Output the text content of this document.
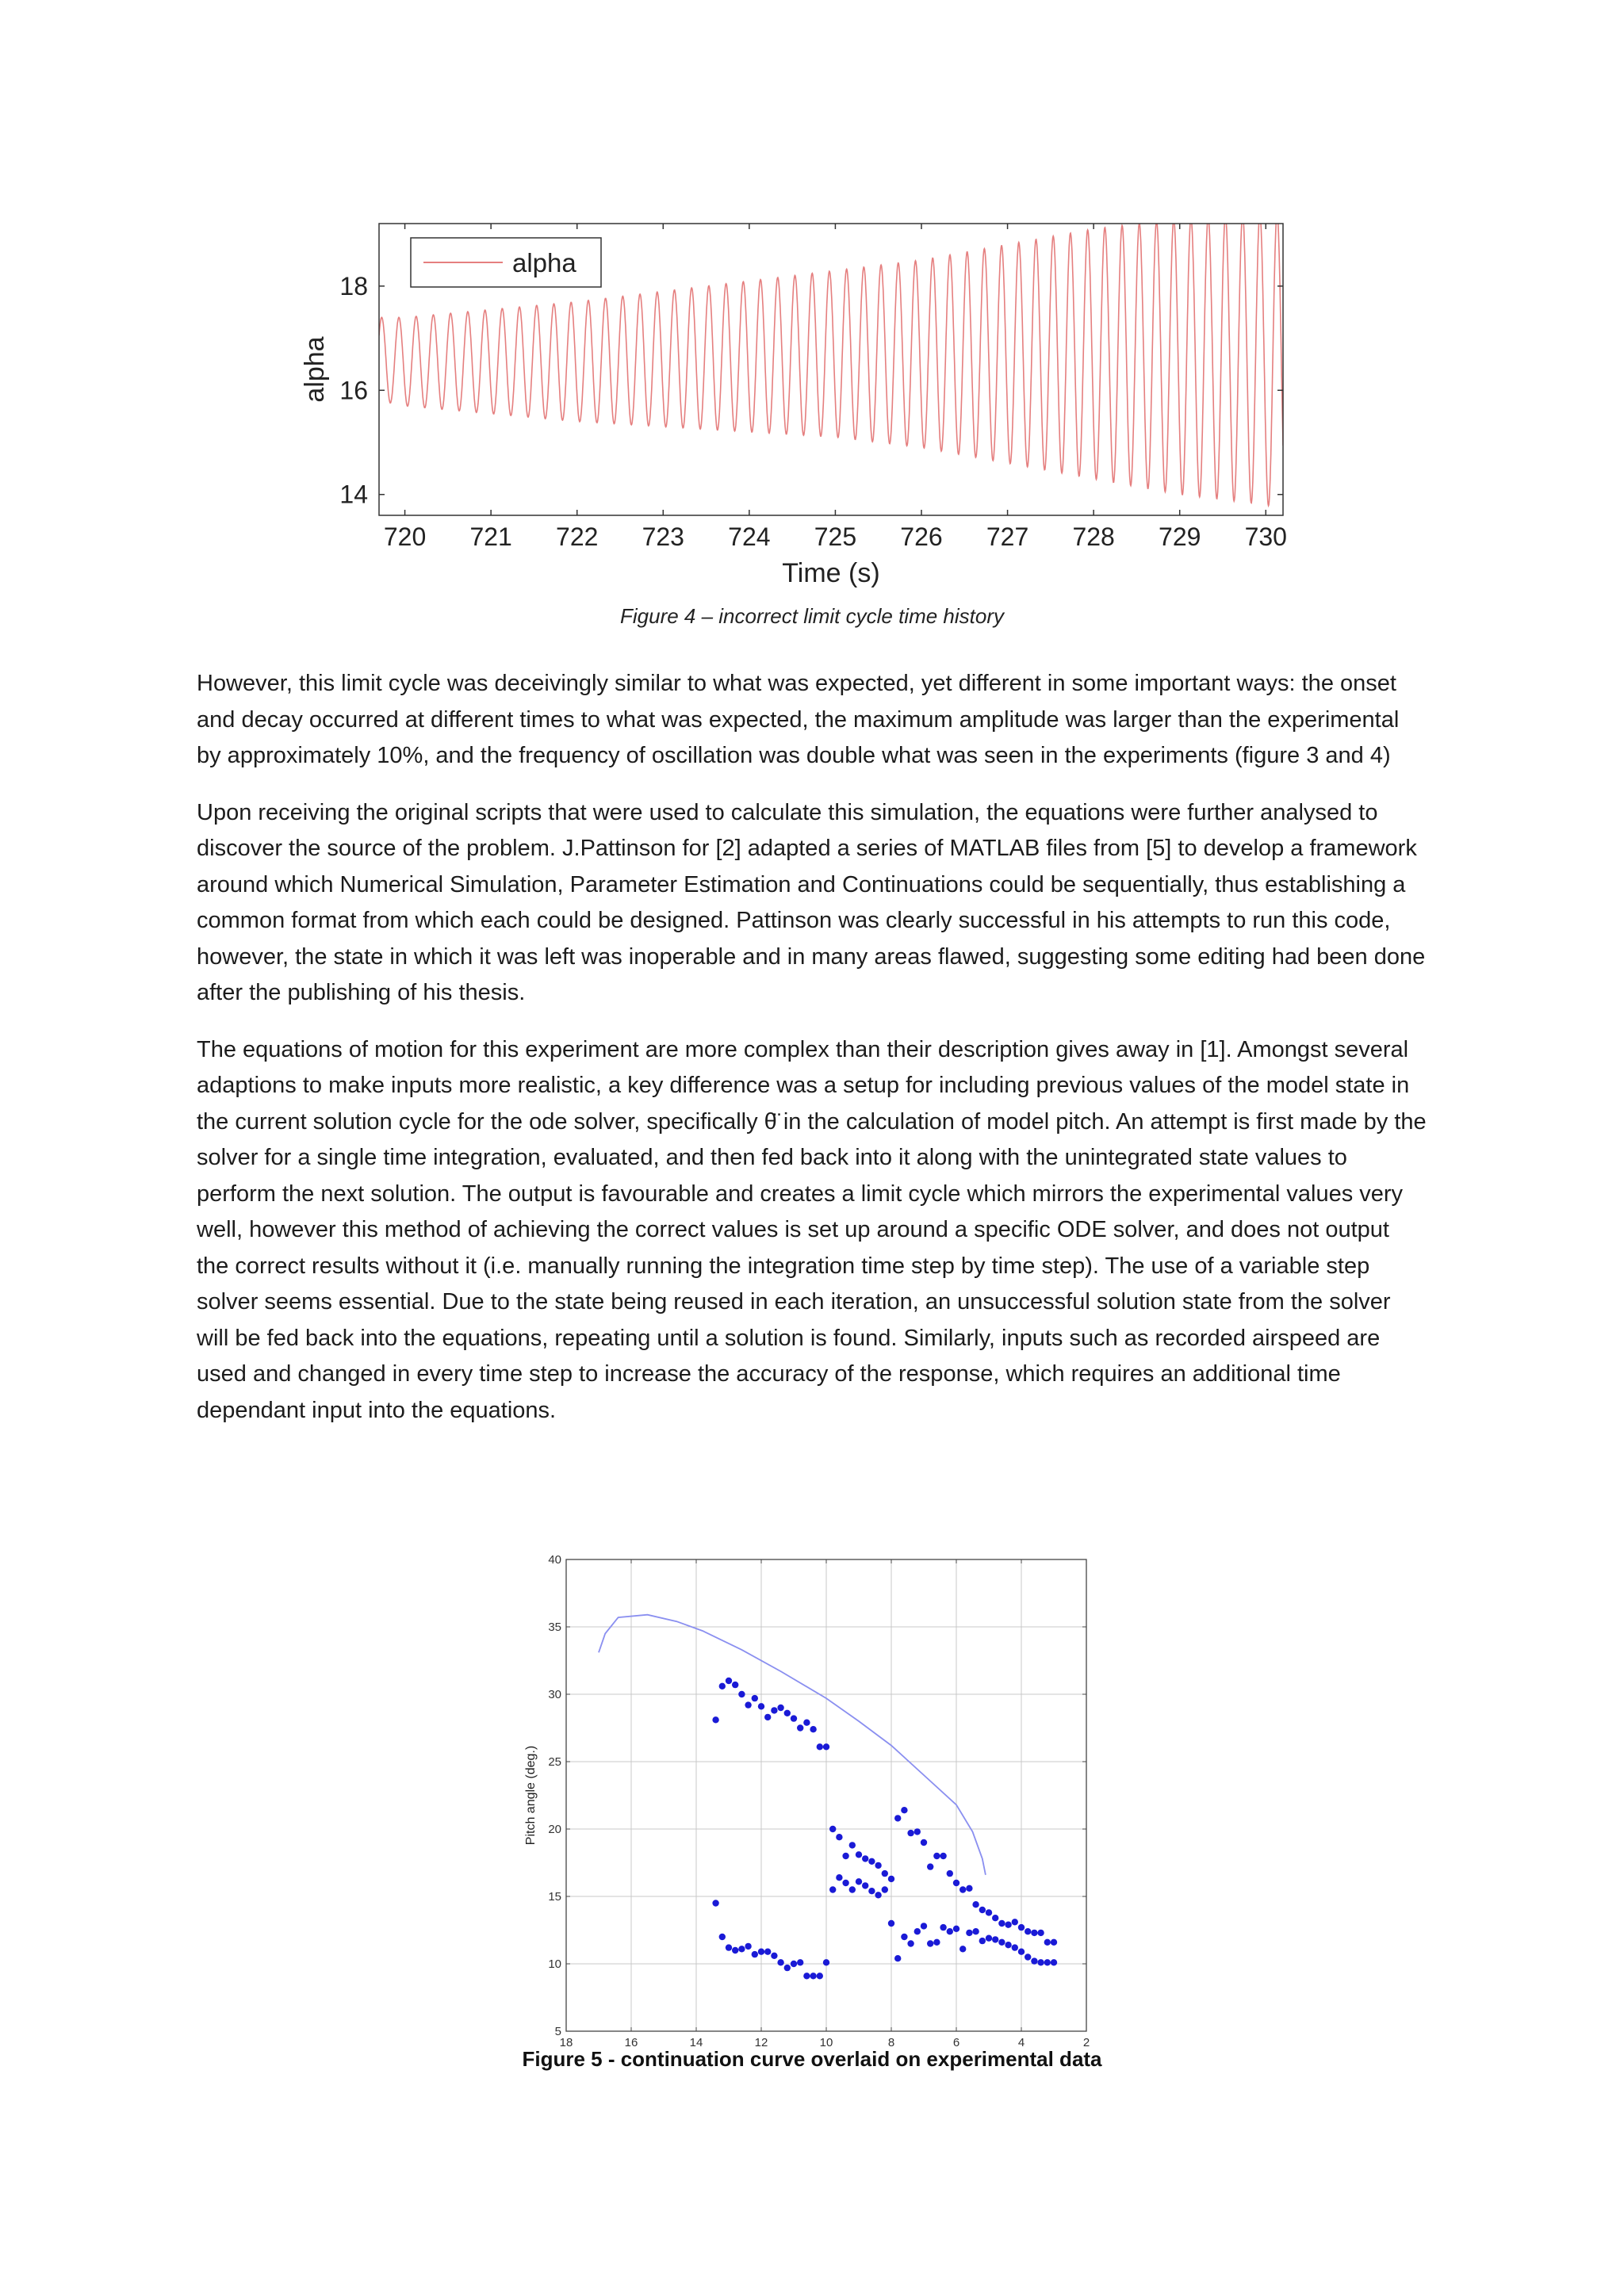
720 721 722 723 724 725 726 727 728 729 730
14
16
18
Time (s)
alpha
alpha
Figure 4 – incorrect limit cycle time history

However, this limit cycle was deceivingly similar to what was expected, yet different in some important ways: the onset and decay occurred at different times to what was expected, the maximum amplitude was larger than the experimental by approximately 10%, and the frequency of oscillation was double what was seen in the experiments (figure 3 and 4)

Upon receiving the original scripts that were used to calculate this simulation, the equations were further analysed to discover the source of the problem. J.Pattinson for [2] adapted a series of MATLAB files from [5] to develop a framework around which Numerical Simulation, Parameter Estimation and Continuations could be sequentially, thus establishing a common format from which each could be designed. Pattinson was clearly successful in his attempts to run this code, however, the state in which it was left was inoperable and in many areas flawed, suggesting some editing had been done after the publishing of his thesis.

The equations of motion for this experiment are more complex than their description gives away in [1]. Amongst several adaptions to make inputs more realistic, a key difference was a setup for including previous values of the model state in the current solution cycle for the ode solver, specifically θ̈ in the calculation of model pitch. An attempt is first made by the solver for a single time integration, evaluated, and then fed back into it along with the unintegrated state values to perform the next solution. The output is favourable and creates a limit cycle which mirrors the experimental values very well, however this method of achieving the correct values is set up around a specific ODE solver, and does not output the correct results without it (i.e. manually running the integration time step by time step). The use of a variable step solver seems essential. Due to the state being reused in each iteration, an unsuccessful solution state from the solver will be fed back into the equations, repeating until a solution is found. Similarly, inputs such as recorded airspeed are used and changed in every time step to increase the accuracy of the response, which requires an additional time dependant input into the equations.

18	16	14	12	10	8	6	4	2
5
10
15
20
25
30
35
40
Pitch angle (deg.)
Figure 5 - continuation curve overlaid on experimental data
